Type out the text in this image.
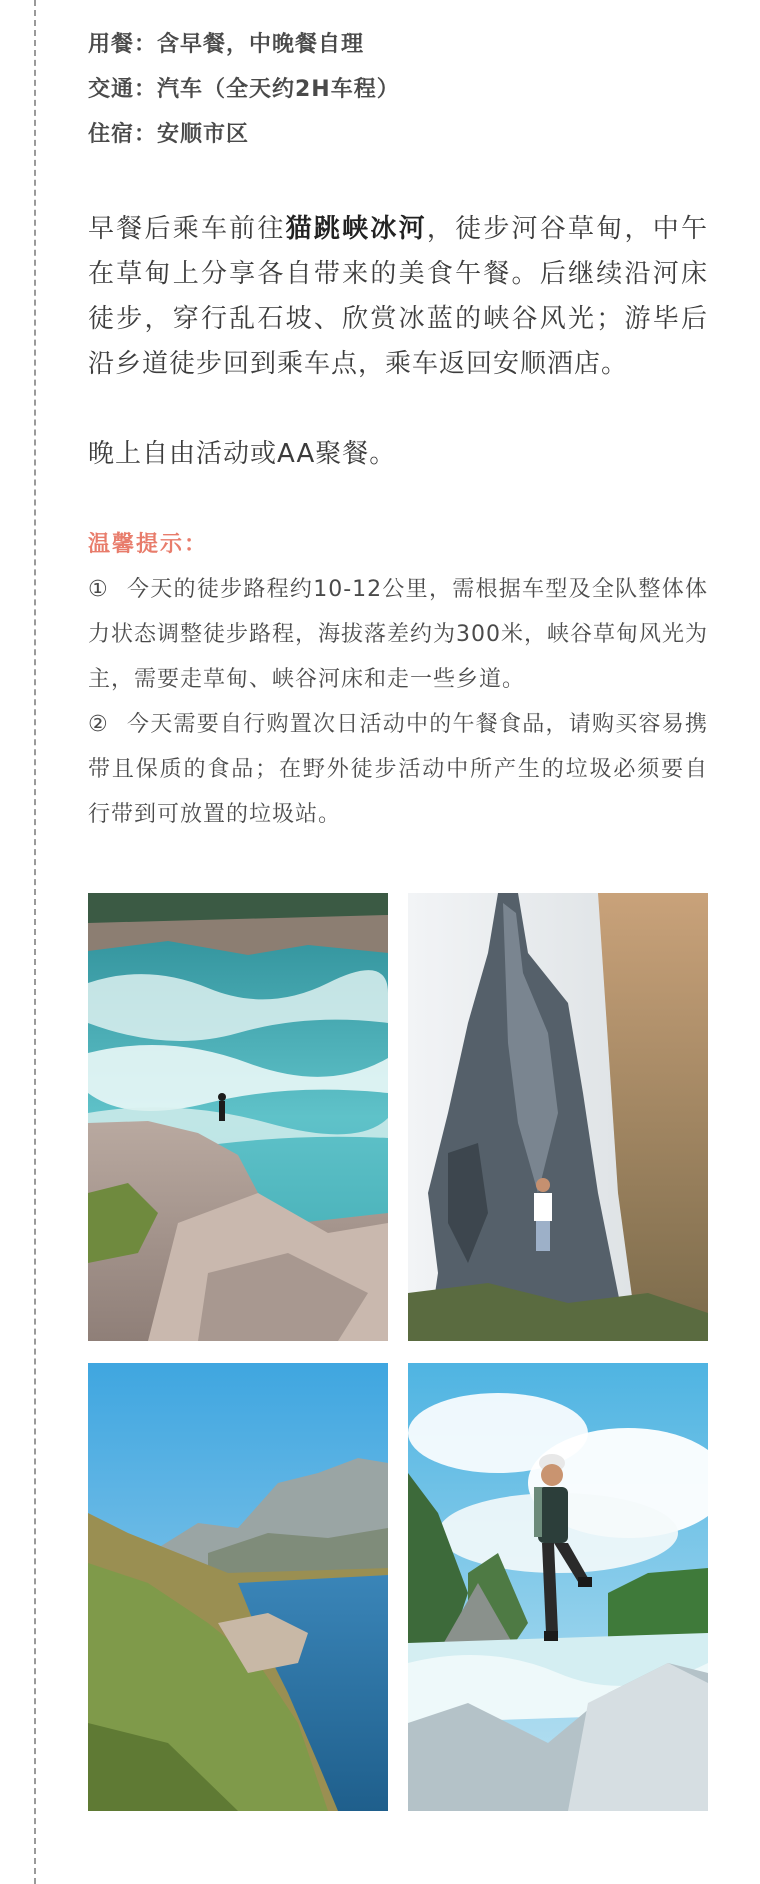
用餐：含早餐，中晚餐自理
交通：汽车（全天约2H车程）
住宿：安顺市区

早餐后乘车前往猫跳峡冰河，徒步河谷草甸，中午在草甸上分享各自带来的美食午餐。后继续沿河床徒步，穿行乱石坡、欣赏冰蓝的峡谷风光；游毕后沿乡道徒步回到乘车点，乘车返回安顺酒店。

晚上自由活动或AA聚餐。

温馨提示：

① 今天的徒步路程约10-12公里，需根据车型及全队整体体力状态调整徒步路程，海拔落差约为300米，峡谷草甸风光为主，需要走草甸、峡谷河床和走一些乡道。

② 今天需要自行购置次日活动中的午餐食品，请购买容易携带且保质的食品；在野外徒步活动中所产生的垃圾必须要自行带到可放置的垃圾站。
